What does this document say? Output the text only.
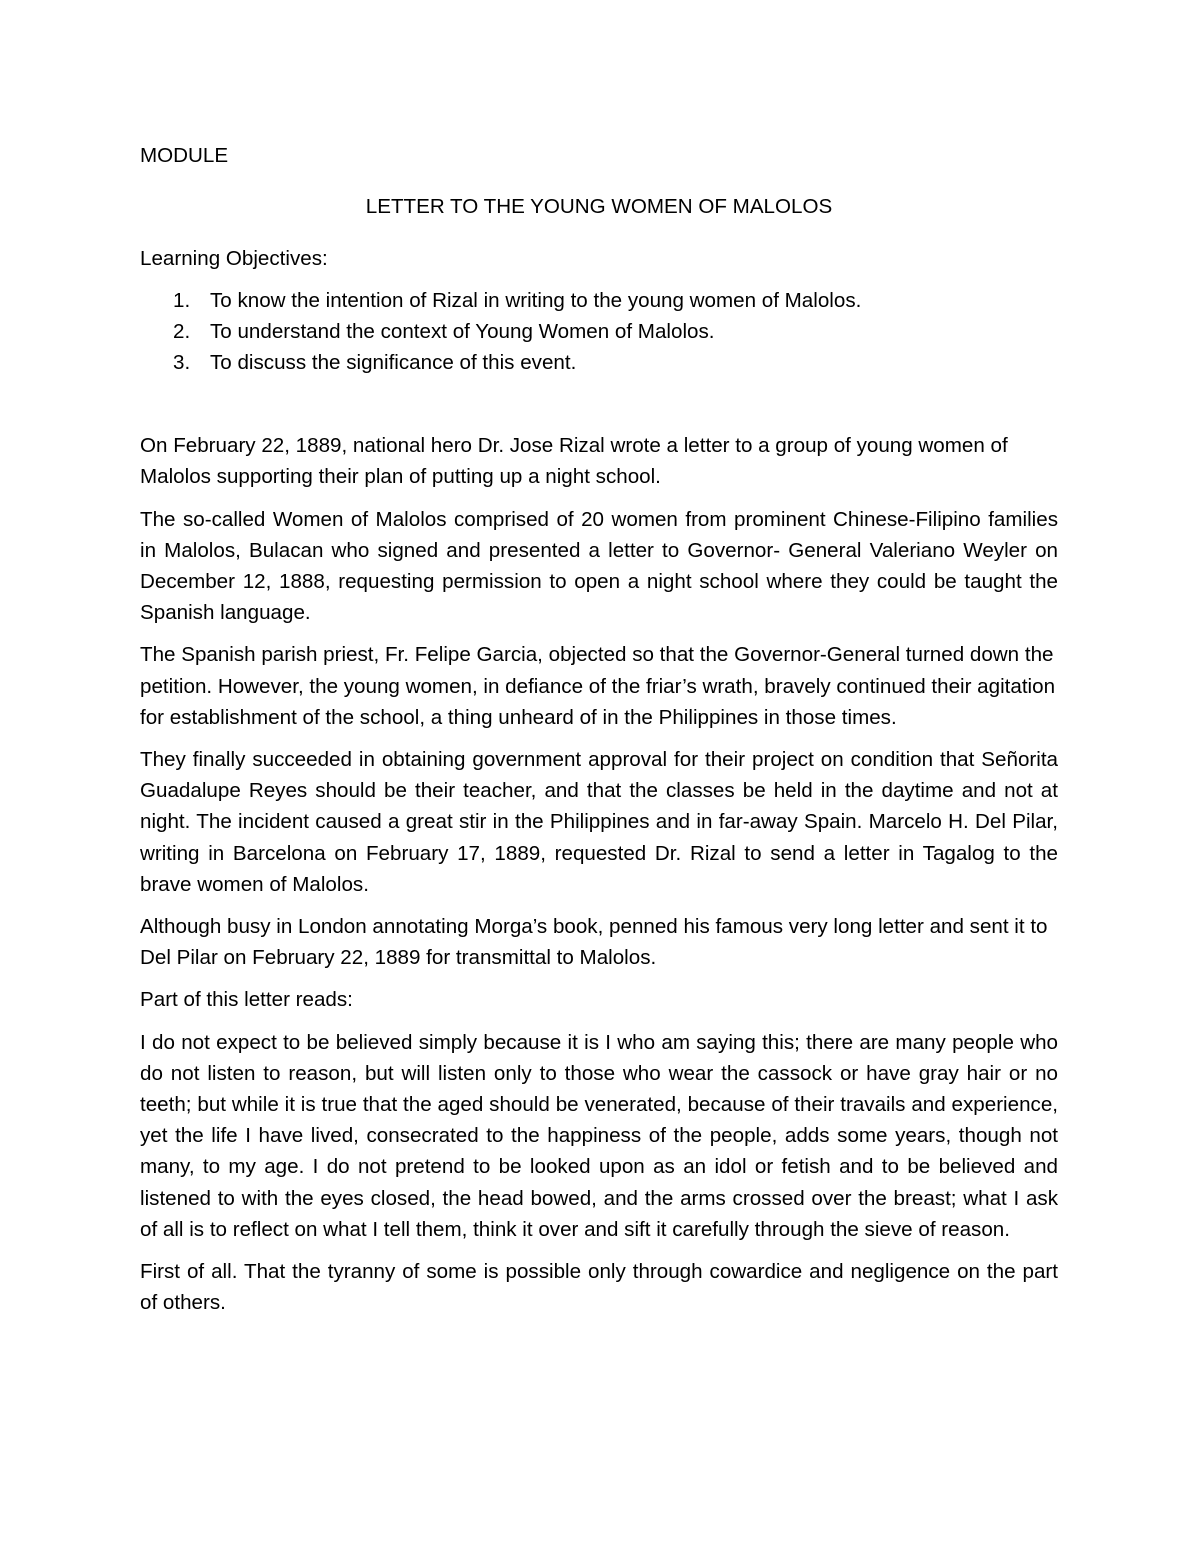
MODULE

LETTER TO THE YOUNG WOMEN OF MALOLOS

Learning Objectives:

1. To know the intention of Rizal in writing to the young women of Malolos.
2. To understand the context of Young Women of Malolos.
3. To discuss the significance of this event.

On February 22, 1889, national hero Dr. Jose Rizal wrote a letter to a group of young women of Malolos supporting their plan of putting up a night school.

The so-called Women of Malolos comprised of 20 women from prominent Chinese-Filipino families in Malolos, Bulacan who signed and presented a letter to Governor- General Valeriano Weyler on December 12, 1888, requesting permission to open a night school where they could be taught the Spanish language.

The Spanish parish priest, Fr. Felipe Garcia, objected so that the Governor-General turned down the petition. However, the young women, in defiance of the friar’s wrath, bravely continued their agitation for establishment of the school, a thing unheard of in the Philippines in those times.

They finally succeeded in obtaining government approval for their project on condition that Señorita Guadalupe Reyes should be their teacher, and that the classes be held in the daytime and not at night. The incident caused a great stir in the Philippines and in far-away Spain. Marcelo H. Del Pilar, writing in Barcelona on February 17, 1889, requested Dr. Rizal to send a letter in Tagalog to the brave women of Malolos.

Although busy in London annotating Morga’s book, penned his famous very long letter and sent it to Del Pilar on February 22, 1889 for transmittal to Malolos.

Part of this letter reads:

I do not expect to be believed simply because it is I who am saying this; there are many people who do not listen to reason, but will listen only to those who wear the cassock or have gray hair or no teeth; but while it is true that the aged should be venerated, because of their travails and experience, yet the life I have lived, consecrated to the happiness of the people, adds some years, though not many, to my age. I do not pretend to be looked upon as an idol or fetish and to be believed and listened to with the eyes closed, the head bowed, and the arms crossed over the breast; what I ask of all is to reflect on what I tell them, think it over and sift it carefully through the sieve of reason.

First of all. That the tyranny of some is possible only through cowardice and negligence on the part of others.
